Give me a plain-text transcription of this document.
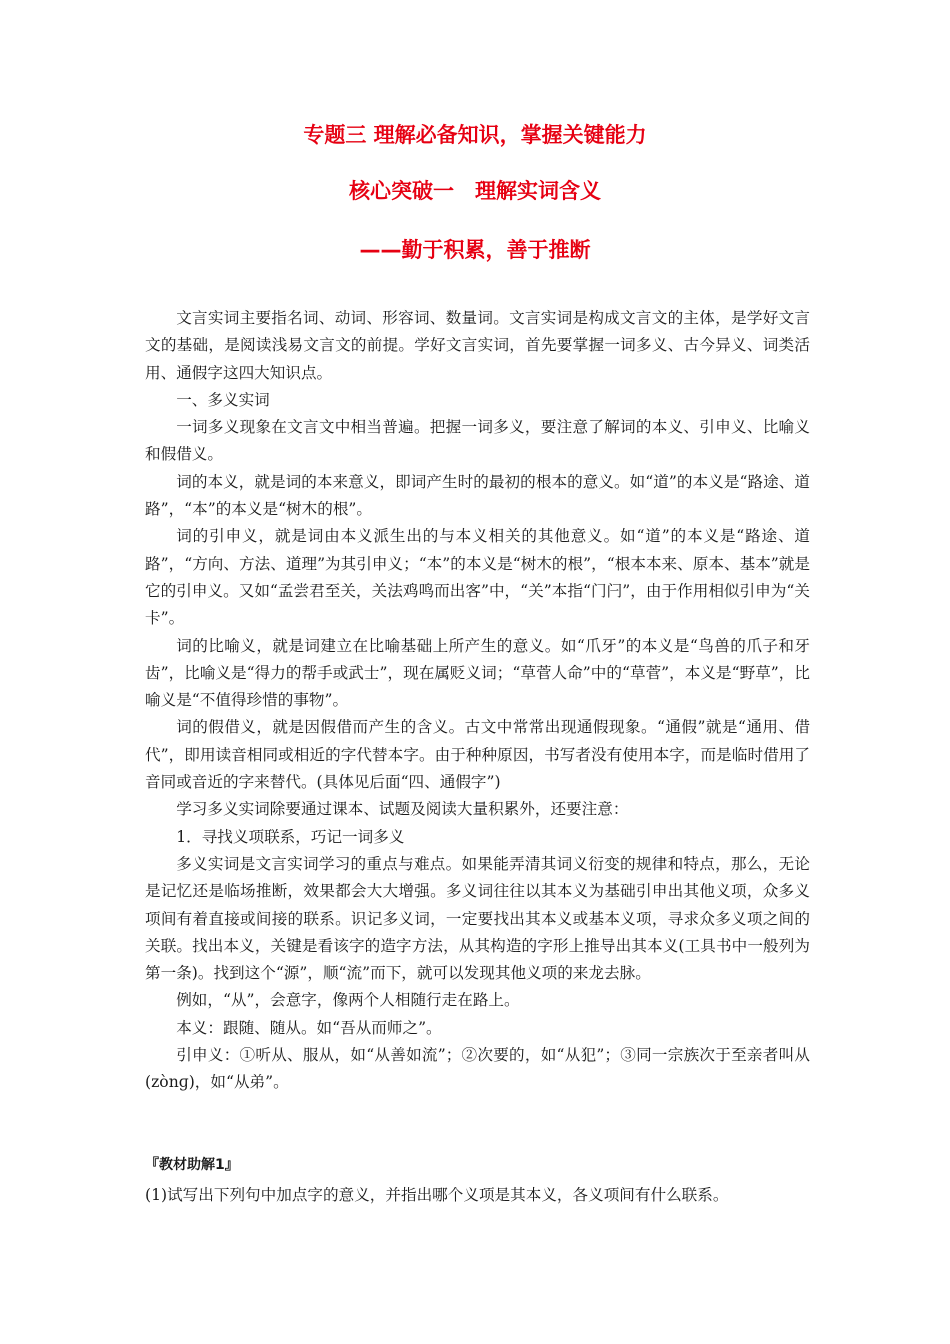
专题三 理解必备知识，掌握关键能力
核心突破一　理解实词含义
——勤于积累，善于推断

文言实词主要指名词、动词、形容词、数量词。文言实词是构成文言文的主体，是学好文言文的基础，是阅读浅易文言文的前提。学好文言实词，首先要掌握一词多义、古今异义、词类活用、通假字这四大知识点。

一、多义实词

一词多义现象在文言文中相当普遍。把握一词多义，要注意了解词的本义、引申义、比喻义和假借义。

词的本义，就是词的本来意义，即词产生时的最初的根本的意义。如“道”的本义是“路途、道路”，“本”的本义是“树木的根”。

词的引申义，就是词由本义派生出的与本义相关的其他意义。如“道”的本义是“路途、道路”，“方向、方法、道理”为其引申义；“本”的本义是“树木的根”，“根本本来、原本、基本”就是它的引申义。又如“孟尝君至关，关法鸡鸣而出客”中，“关”本指“门闩”，由于作用相似引申为“关卡”。

词的比喻义，就是词建立在比喻基础上所产生的意义。如“爪牙”的本义是“鸟兽的爪子和牙齿”，比喻义是“得力的帮手或武士”，现在属贬义词；“草菅人命”中的“草菅”，本义是“野草”，比喻义是“不值得珍惜的事物”。

词的假借义，就是因假借而产生的含义。古文中常常出现通假现象。“通假”就是“通用、借代”，即用读音相同或相近的字代替本字。由于种种原因，书写者没有使用本字，而是临时借用了音同或音近的字来替代。(具体见后面“四、通假字”)

学习多义实词除要通过课本、试题及阅读大量积累外，还要注意：

1．寻找义项联系，巧记一词多义

多义实词是文言实词学习的重点与难点。如果能弄清其词义衍变的规律和特点，那么，无论是记忆还是临场推断，效果都会大大增强。多义词往往以其本义为基础引申出其他义项，众多义项间有着直接或间接的联系。识记多义词，一定要找出其本义或基本义项，寻求众多义项之间的关联。找出本义，关键是看该字的造字方法，从其构造的字形上推导出其本义(工具书中一般列为第一条)。找到这个“源”，顺“流”而下，就可以发现其他义项的来龙去脉。

例如，“从”，会意字，像两个人相随行走在路上。

本义：跟随、随从。如“吾从而师之”。

引申义：①听从、服从，如“从善如流”；②次要的，如“从犯”；③同一宗族次于至亲者叫从(zònɡ)，如“从弟”。

『教材助解1』
(1)试写出下列句中加点字的意义，并指出哪个义项是其本义，各义项间有什么联系。
